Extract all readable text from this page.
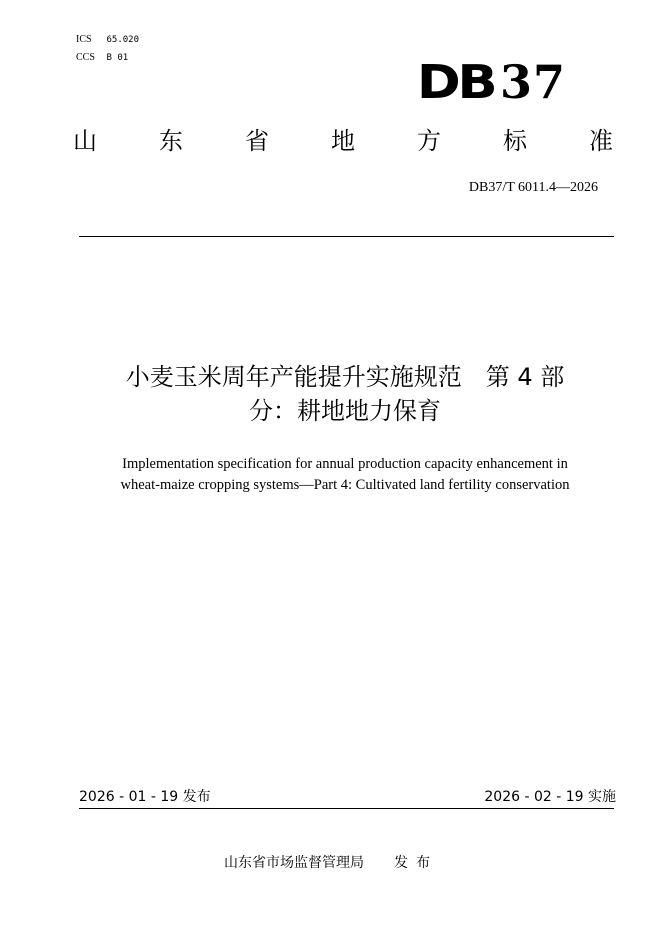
ICS 65.020
CCS B 01	DB 37
山	东	省	地	方	标	准
DB37/T 6011.4—2026
小麦玉米周年产能提升实施规范　第 4 部
分：耕地地力保育
Implementation specification for annual production capacity enhancement in
wheat-maize cropping systems—Part 4: Cultivated land fertility conservation
2026 - 01 - 19 发布	2026 - 02 - 19 实施
山东省市场监督管理局 发布
